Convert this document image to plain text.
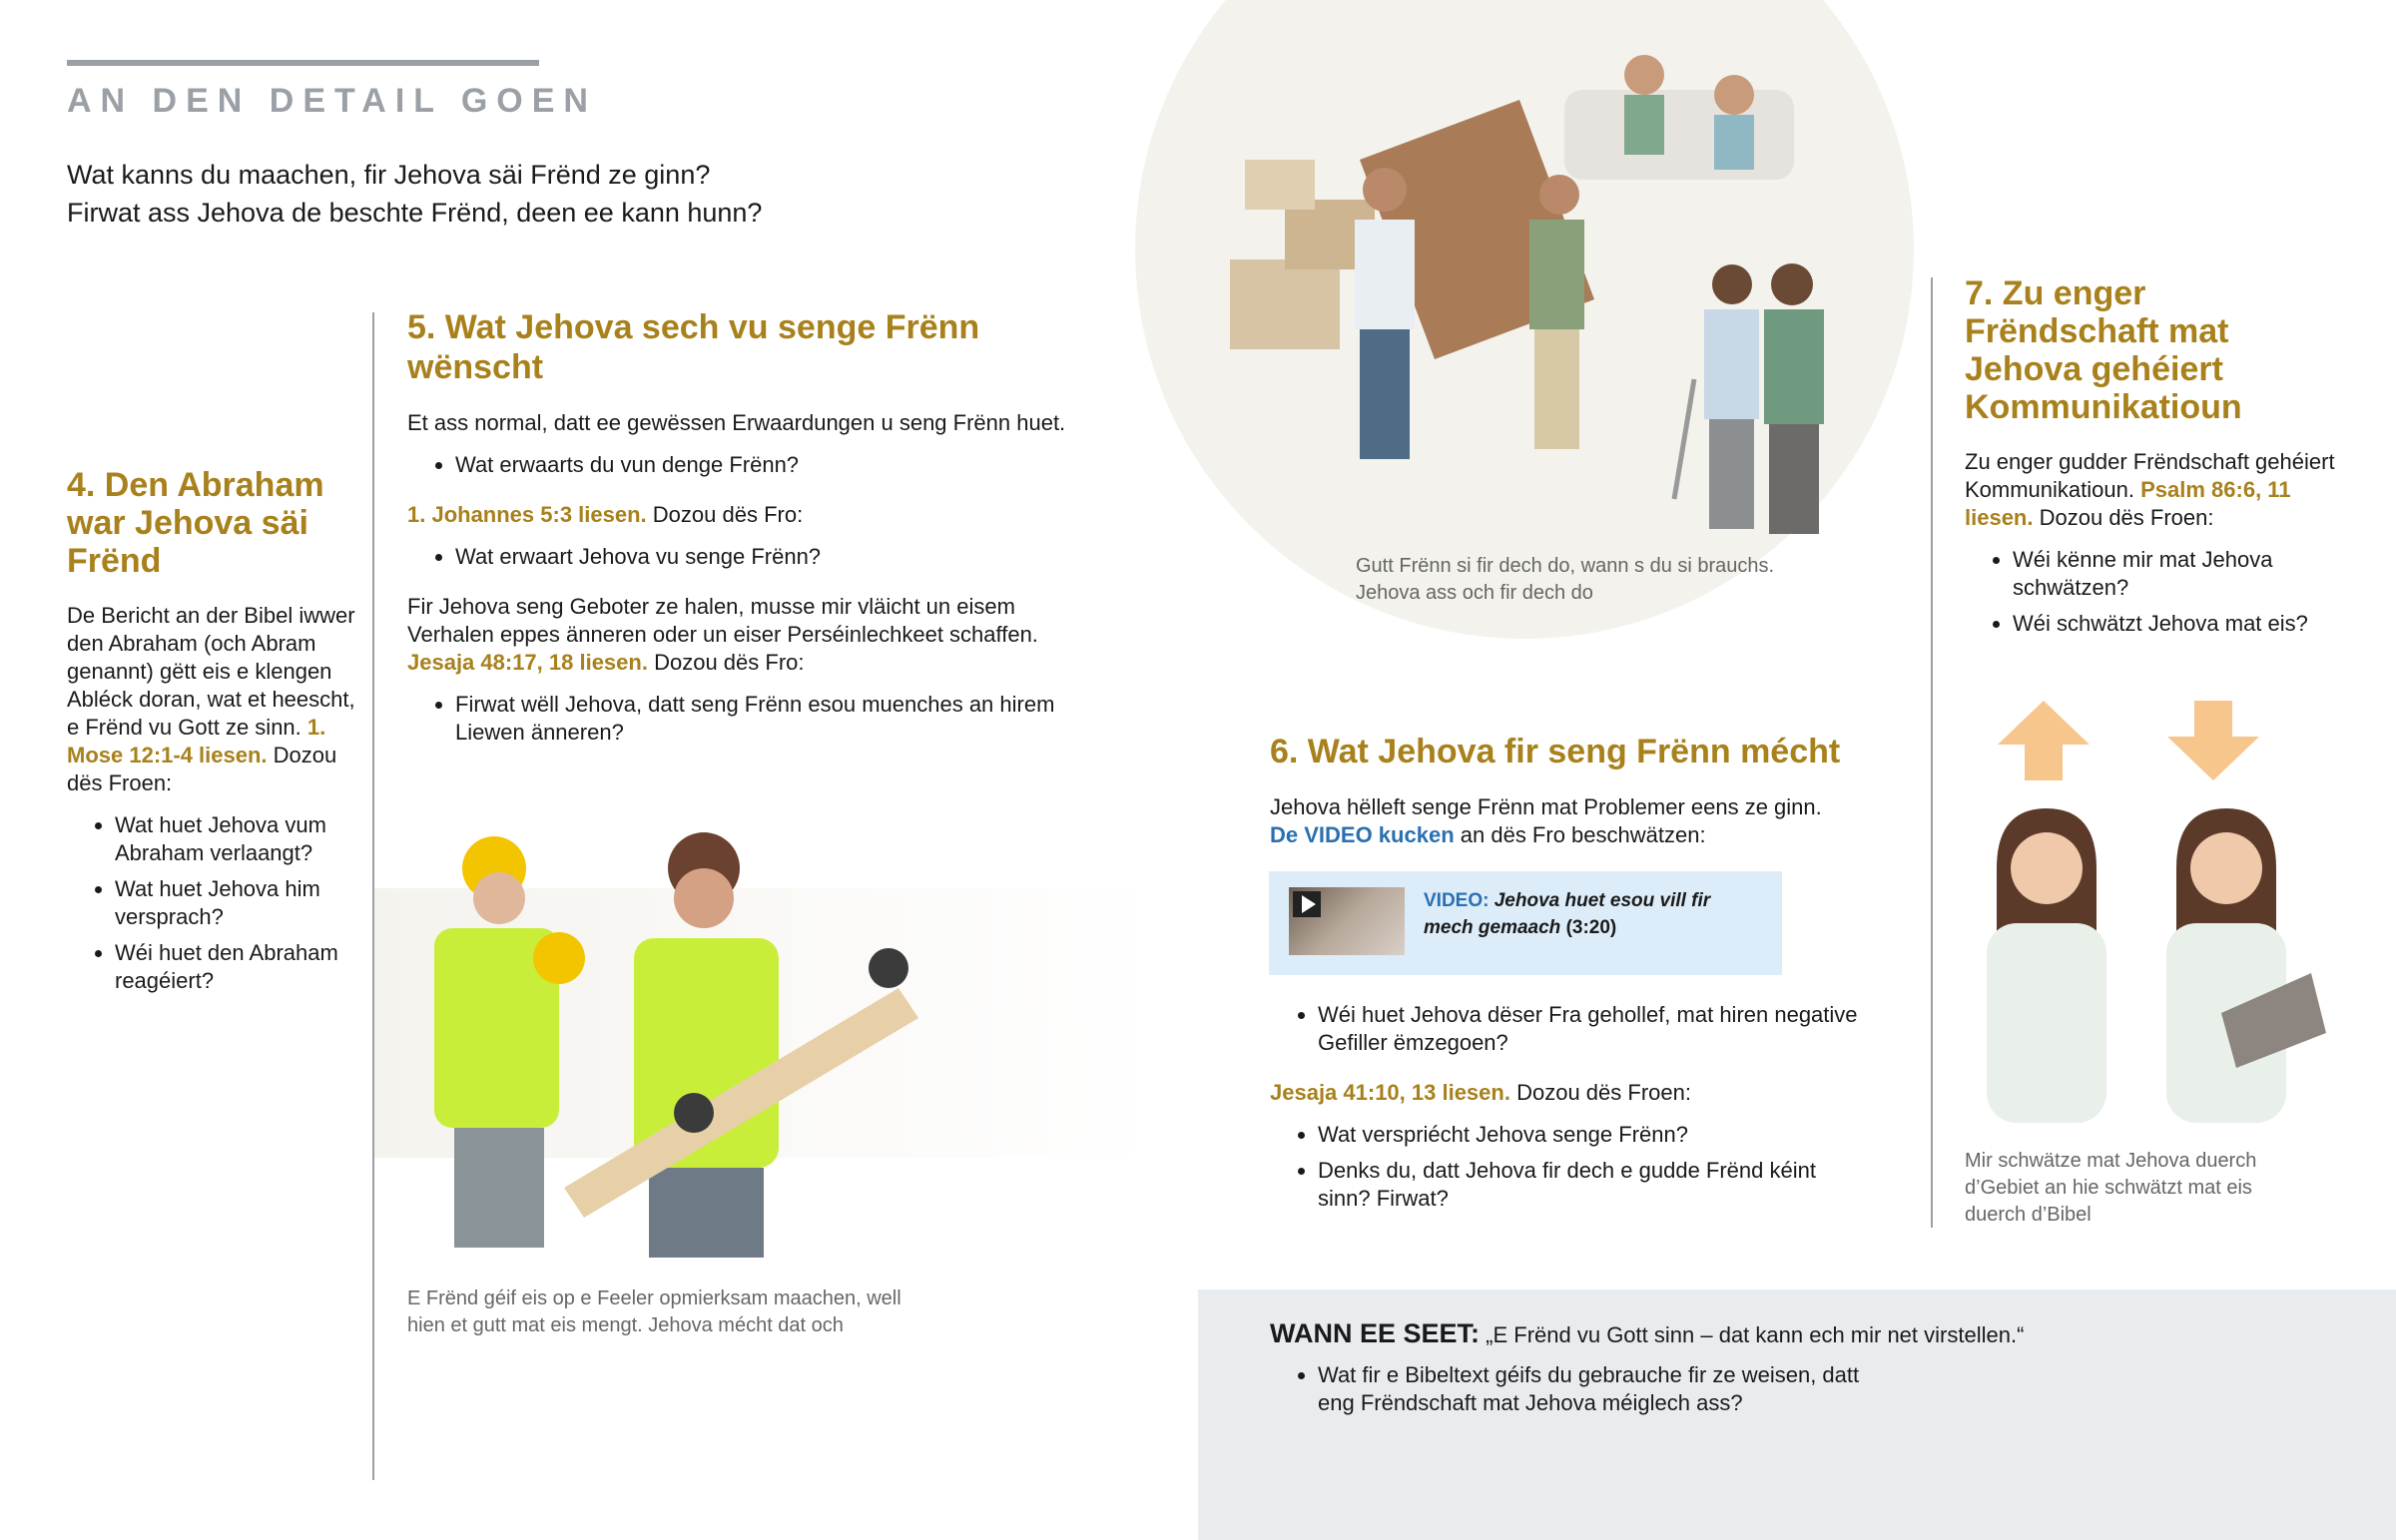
AN DEN DETAIL GOEN

Wat kanns du maachen, fir Jehova säi Frënd ze ginn?

Firwat ass Jehova de beschte Frënd, deen ee kann hunn?

Gutt Frënn si fir dech do, wann s du si brauchs. Jehova ass och fir dech do
4. Den Abraham war Jehova säi Frënd

De Bericht an der Bibel iwwer den Abraham (och Abram genannt) gëtt eis e klengen Abléck doran, wat et heescht, e Frënd vu Gott ze sinn. 1. Mose 12:1-4 liesen. Dozou dës Froen:

• Wat huet Jehova vum Abraham verlaangt?
• Wat huet Jehova him versprach?
• Wéi huet den Abraham reagéiert?
5. Wat Jehova sech vu senge Frënn wënscht

Et ass normal, datt ee gewëssen Erwaardungen u seng Frënn huet.

• Wat erwaarts du vun denge Frënn?

1. Johannes 5:3 liesen. Dozou dës Fro:

• Wat erwaart Jehova vu senge Frënn?

Fir Jehova seng Geboter ze halen, musse mir vläicht un eisem Verhalen eppes änneren oder un eiser Perséinlechkeet schaffen. Jesaja 48:17, 18 liesen. Dozou dës Fro:

• Firwat wëll Jehova, datt seng Frënn esou muenches an hirem Liewen änneren?
E Frënd géif eis op e Feeler opmierksam maachen, well hien et gutt mat eis mengt. Jehova mécht dat och
6. Wat Jehova fir seng Frënn mécht

Jehova hëlleft senge Frënn mat Problemer eens ze ginn.
De VIDEO kucken an dës Fro beschwätzen:

VIDEO: Jehova huet esou vill fir mech gemaach (3:20)
• Wéi huet Jehova dëser Fra gehollef, mat hiren negative Gefiller ëmzegoen?

Jesaja 41:10, 13 liesen. Dozou dës Froen:

• Wat verspriécht Jehova senge Frënn?
• Denks du, datt Jehova fir dech e gudde Frënd kéint sinn? Firwat?
7. Zu enger Frëndschaft mat Jehova gehéiert Kommunikatioun

Zu enger gudder Frëndschaft gehéiert Kommunikatioun. Psalm 86:6, 11 liesen. Dozou dës Froen:

• Wéi kënne mir mat Jehova schwätzen?
• Wéi schwätzt Jehova mat eis?
Mir schwätze mat Jehova duerch d’Gebiet an hie schwätzt mat eis duerch d’Bibel

WANN EE SEET: „E Frënd vu Gott sinn – dat kann ech mir net virstellen.“

• Wat fir e Bibeltext géifs du gebrauche fir ze weisen, datt eng Frëndschaft mat Jehova méiglech ass?
